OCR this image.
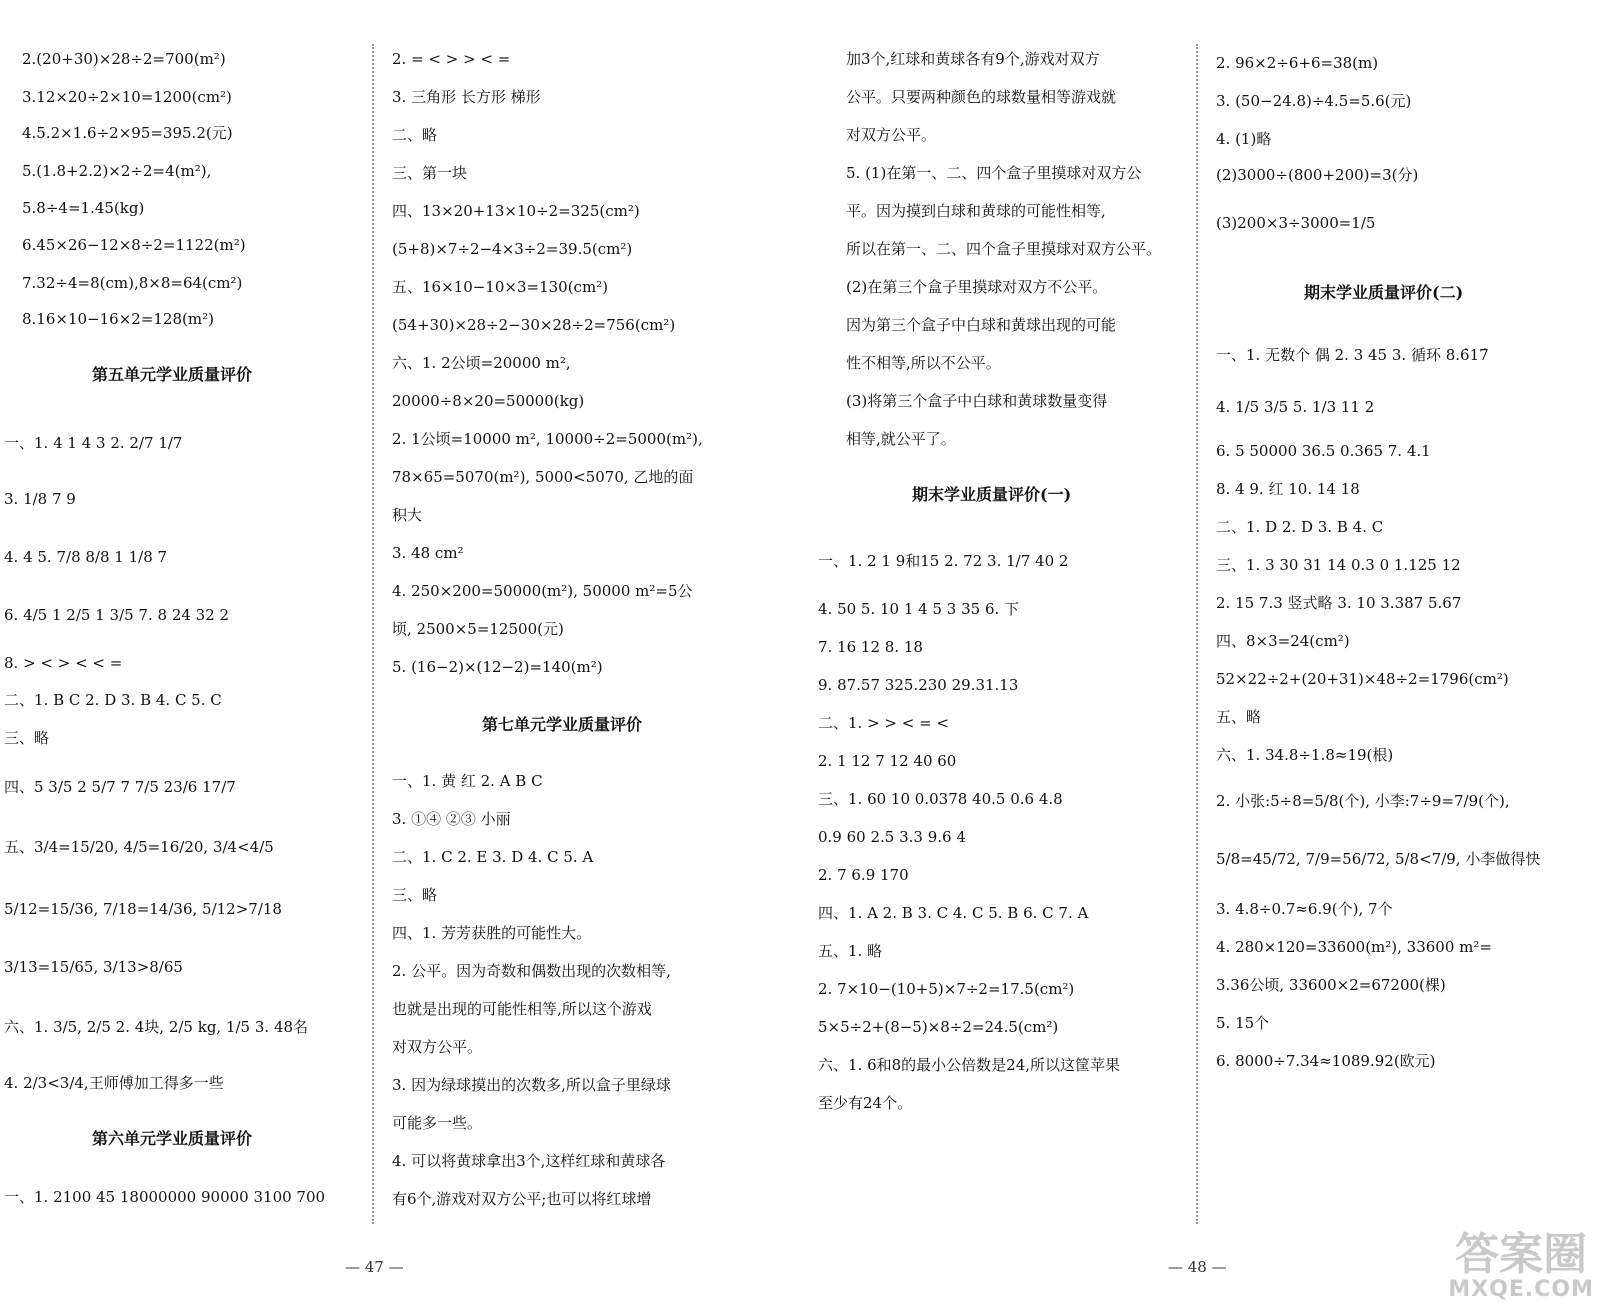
2.(20+30)×28÷2=700(m²)
3.12×20÷2×10=1200(cm²)
4.5.2×1.6÷2×95=395.2(元)
5.(1.8+2.2)×2÷2=4(m²),
5.8÷4=1.45(kg)
6.45×26−12×8÷2=1122(m²)
7.32÷4=8(cm),8×8=64(cm²)
8.16×10−16×2=128(m²)
第五单元学业质量评价
一、1. 4 1 4 3 2. 2/7 1/7
3. 1/8 7 9
4. 4 5. 7/8 8/8 1 1/8 7
6. 4/5 1 2/5 1 3/5 7. 8 24 32 2
8. > < > < < =
二、1. B C 2. D 3. B 4. C 5. C
三、略
四、5 3/5 2 5/7 7 7/5 23/6 17/7
五、3/4=15/20, 4/5=16/20, 3/4<4/5
5/12=15/36, 7/18=14/36, 5/12>7/18
3/13=15/65, 3/13>8/65
六、1. 3/5, 2/5 2. 4块, 2/5 kg, 1/5 3. 48名
4. 2/3<3/4,王师傅加工得多一些
第六单元学业质量评价
一、1. 2100 45 18000000 90000 3100 700
2. = < > > < =
3. 三角形 长方形 梯形
二、略
三、第一块
四、13×20+13×10÷2=325(cm²)
(5+8)×7÷2−4×3÷2=39.5(cm²)
五、16×10−10×3=130(cm²)
(54+30)×28÷2−30×28÷2=756(cm²)
六、1. 2公顷=20000 m²,
20000÷8×20=50000(kg)
2. 1公顷=10000 m², 10000÷2=5000(m²),
78×65=5070(m²), 5000<5070, 乙地的面
积大
3. 48 cm²
4. 250×200=50000(m²), 50000 m²=5公
顷, 2500×5=12500(元)
5. (16−2)×(12−2)=140(m²)
第七单元学业质量评价
一、1. 黄 红 2. A B C
3. ①④ ②③ 小丽
二、1. C 2. E 3. D 4. C 5. A
三、略
四、1. 芳芳获胜的可能性大。
2. 公平。因为奇数和偶数出现的次数相等,
也就是出现的可能性相等,所以这个游戏
对双方公平。
3. 因为绿球摸出的次数多,所以盒子里绿球
可能多一些。
4. 可以将黄球拿出3个,这样红球和黄球各
有6个,游戏对双方公平;也可以将红球增
— 47 —
加3个,红球和黄球各有9个,游戏对双方
公平。只要两种颜色的球数量相等游戏就
对双方公平。
5. (1)在第一、二、四个盒子里摸球对双方公
平。因为摸到白球和黄球的可能性相等,
所以在第一、二、四个盒子里摸球对双方公平。
(2)在第三个盒子里摸球对双方不公平。
因为第三个盒子中白球和黄球出现的可能
性不相等,所以不公平。
(3)将第三个盒子中白球和黄球数量变得
相等,就公平了。
期末学业质量评价(一)
一、1. 2 1 9和15 2. 72 3. 1/7 40 2
4. 50 5. 10 1 4 5 3 35 6. 下
7. 16 12 8. 18
9. 87.57 325.230 29.31.13
二、1. > > < = <
2. 1 12 7 12 40 60
三、1. 60 10 0.0378 40.5 0.6 4.8
0.9 60 2.5 3.3 9.6 4
2. 7 6.9 170
四、1. A 2. B 3. C 4. C 5. B 6. C 7. A
五、1. 略
2. 7×10−(10+5)×7÷2=17.5(cm²)
5×5÷2+(8−5)×8÷2=24.5(cm²)
六、1. 6和8的最小公倍数是24,所以这筐苹果
至少有24个。
2. 96×2÷6+6=38(m)
3. (50−24.8)÷4.5=5.6(元)
4. (1)略
(2)3000÷(800+200)=3(分)
(3)200×3÷3000=1/5
期末学业质量评价(二)
一、1. 无数个 偶 2. 3 45 3. 循环 8.6̇17̇
4. 1/5 3/5 5. 1/3 11 2
6. 5 50000 36.5 0.365 7. 4.1
8. 4 9. 红 10. 14 18
二、1. D 2. D 3. B 4. C
三、1. 3 30 31 14 0.3 0 1.125 12
2. 15 7.3 竖式略 3. 10 3.387 5.67
四、8×3=24(cm²)
52×22÷2+(20+31)×48÷2=1796(cm²)
五、略
六、1. 34.8÷1.8≈19(根)
2. 小张:5÷8=5/8(个), 小李:7÷9=7/9(个),
5/8=45/72, 7/9=56/72, 5/8<7/9, 小李做得快
3. 4.8÷0.7≈6.9(个), 7个
4. 280×120=33600(m²), 33600 m²=
3.36公顷, 33600×2=67200(棵)
5. 15个
6. 8000÷7.34≈1089.92(欧元)
— 48 —	答案圈
MXQE.COM
